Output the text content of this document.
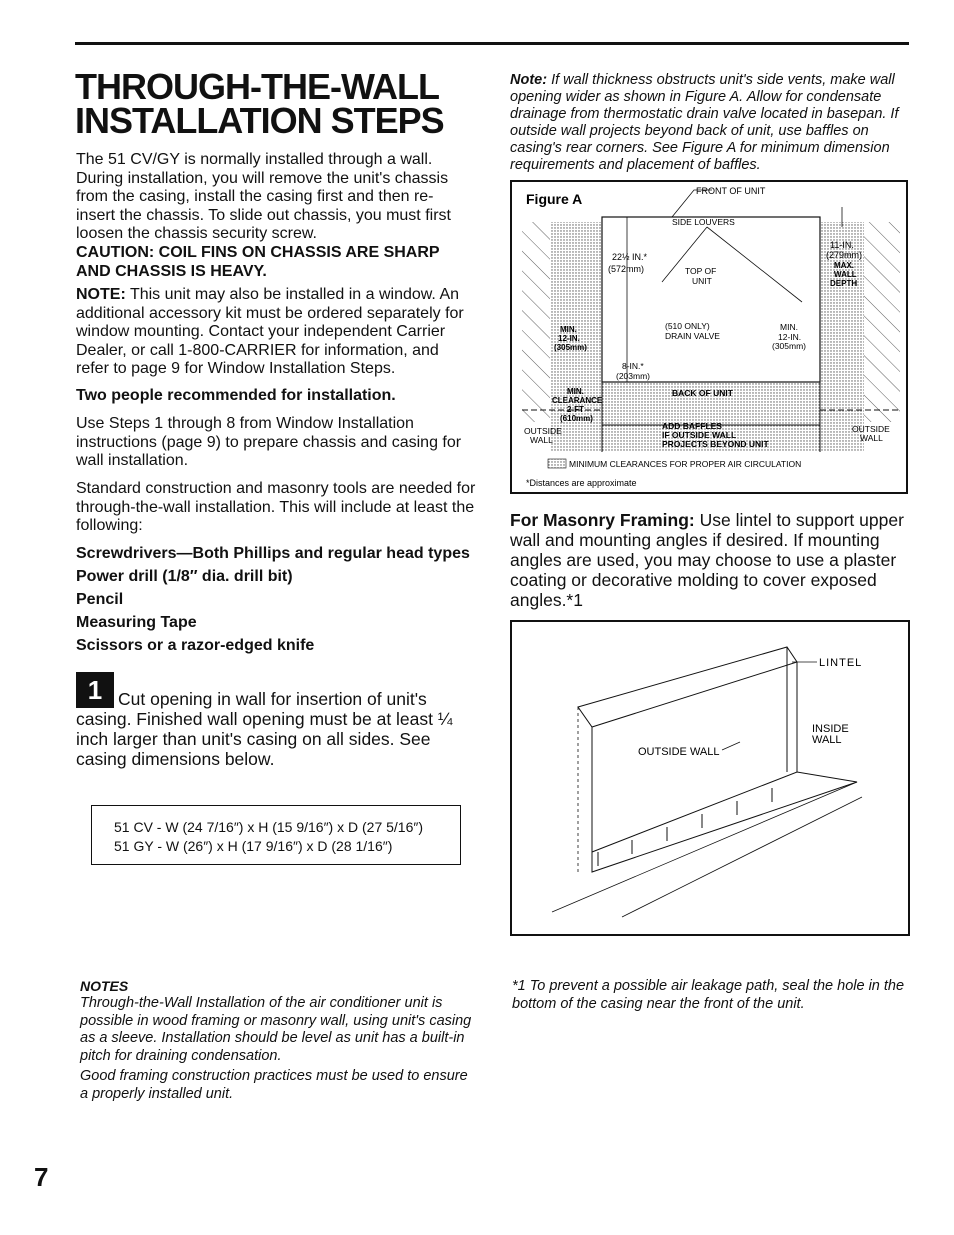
THROUGH-THE-WALL
INSTALLATION STEPS

The 51 CV/GY is normally installed through a wall. During installation, you will remove the unit's chassis from the casing, install the casing first and then re-insert the chassis. To slide out chassis, you must first loosen the chassis security screw.

CAUTION: COIL FINS ON CHASSIS ARE SHARP AND CHASSIS IS HEAVY.

NOTE: This unit may also be installed in a window. An additional accessory kit must be ordered separately for window mounting. Contact your independent Carrier Dealer, or call 1-800-CARRIER for information, and refer to page 9 for Window Installation Steps.

Two people recommended for installation.

Use Steps 1 through 8 from Window Installation instructions (page 9) to prepare chassis and casing for wall installation.

Standard construction and masonry tools are needed for through-the-wall installation. This will include at least the following:

Screwdrivers—Both Phillips and regular head types
Power drill (1/8″ dia. drill bit)
Pencil
Measuring Tape
Scissors or a razor-edged knife
1 Cut opening in wall for insertion of unit's casing. Finished wall opening must be at least ¼ inch larger than unit's casing on all sides. See casing dimensions below.

51 CV - W (24 7/16″) x H (15 9/16″) x D (27 5/16″)
51 GY - W (26″) x H (17 9/16″) x D (28 1/16″)
NOTES

Through-the-Wall Installation of the air conditioner unit is possible in wood framing or masonry wall, using unit's casing as a sleeve. Installation should be level as unit has a built-in pitch for draining condensation.

Good framing construction practices must be used to ensure a properly installed unit.

Note: If wall thickness obstructs unit's side vents, make wall opening wider as shown in Figure A. Allow for condensate drainage from thermostatic drain valve located in basepan. If outside wall projects beyond back of unit, use baffles on casing's rear corners. See Figure A for minimum dimension requirements and placement of baffles.

Figure A	FRONT OF UNIT
SIDE LOUVERS
22½ IN.*
(572mm)	TOP OF
UNIT
11-IN.
(279mm)
MAX.
WALL
DEPTH
MIN.
12-IN.
(305mm)
(510 ONLY)
DRAIN VALVE
MIN.
12-IN.
(305mm)
8-IN.*
(203mm)
MIN.
CLEARANCE
2-FT
(610mm)
BACK OF UNIT
OUTSIDE
WALL
ADD BAFFLES
IF OUTSIDE WALL
PROJECTS BEYOND UNIT
OUTSIDE
WALL
MINIMUM CLEARANCES FOR PROPER AIR CIRCULATION
*Distances are approximate

For Masonry Framing: Use lintel to support upper wall and mounting angles if desired. If mounting angles are used, you may choose to use a plaster coating or decorative molding to cover exposed angles.*1

LINTEL
INSIDE
WALL
OUTSIDE WALL

*1 To prevent a possible air leakage path, seal the hole in the bottom of the casing near the front of the unit.

7
